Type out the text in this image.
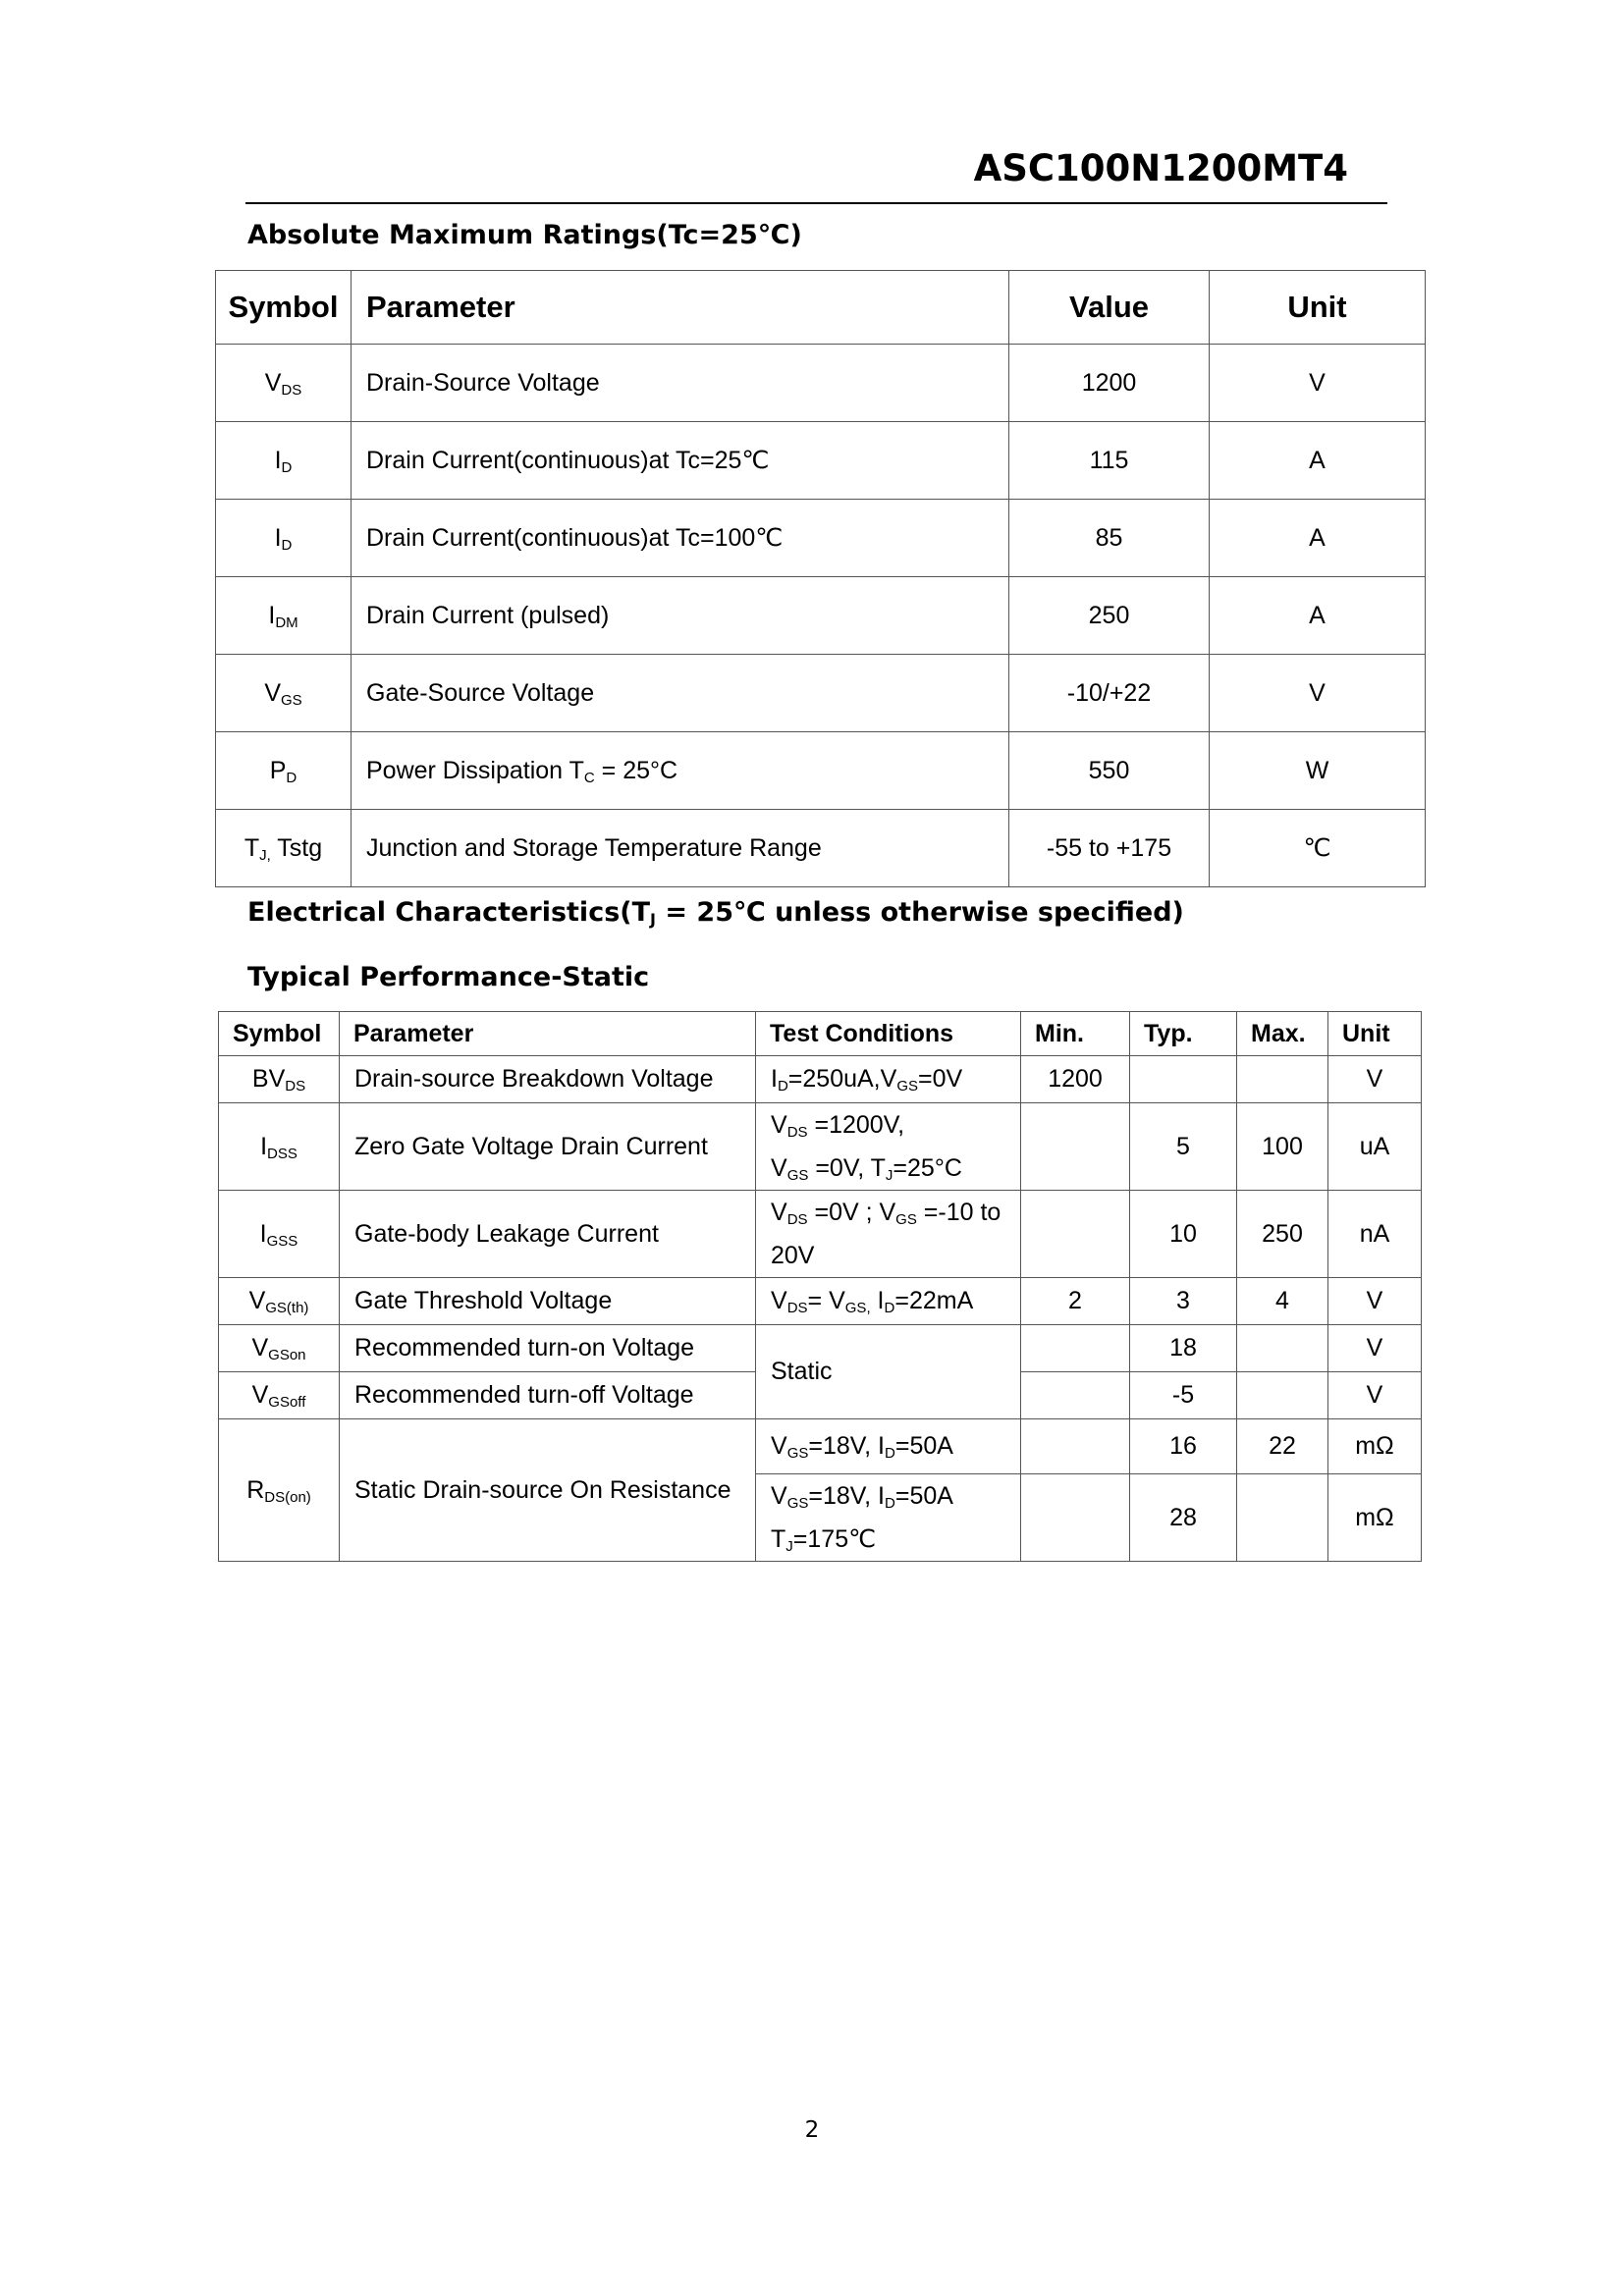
ASC100N1200MT4
Absolute Maximum Ratings(Tc=25℃)
Symbol	Parameter	Value	Unit
$V_{DS}$	Drain-Source Voltage	1200	V
$I_D$	Drain Current(continuous)at Tc=25℃	115	A
$I_D$	Drain Current(continuous)at Tc=100℃	85	A
$I_{DM}$	Drain Current (pulsed)	250	A
$V_{GS}$	Gate-Source Voltage	-10/+22	V
$P_D$	Power Dissipation $T_C = 25^\circ C$	550	W
$T_{J,}$ Tstg	Junction and Storage Temperature Range	-55 to +175	℃
Electrical $Characteristics(T_J$ = 25℃ unless otherwise specified)
Typical Performance-Static
Symbol	Parameter	Test Conditions	Min.	Typ.	Max.	Unit
$BV_{DS}$	Drain-source Breakdown Voltage	$I_D=250uA,V_{GS}=0V$	1200			V
$I_{DSS}$	Zero Gate Voltage Drain Current	$V_{DS} =1200V$,
$V_{GS} =0V$, $T_J=25^\circ C$		5	100	uA
$I_{GSS}$	Gate-body Leakage Current	$V_{DS} =0V$ ; $V_{GS} =-10$ to
20V		10	250	nA
$V_{GS(th)}$	Gate Threshold Voltage	$V_{DS}= V_{GS,}$ $I_D=22mA$	2	3	4	V
$V_{GSon}$	Recommended turn-on Voltage	Static		18		V
$V_{GSoff}$	Recommended turn-off Voltage			-5		V
$R_{DS(on)}$	Static Drain-source On Resistance	$V_{GS}=18V$, $I_D=50A$		16	22	mΩ
		$V_{GS}=18V$, $I_D=50A$
$T_J=175℃$		28		mΩ
2
